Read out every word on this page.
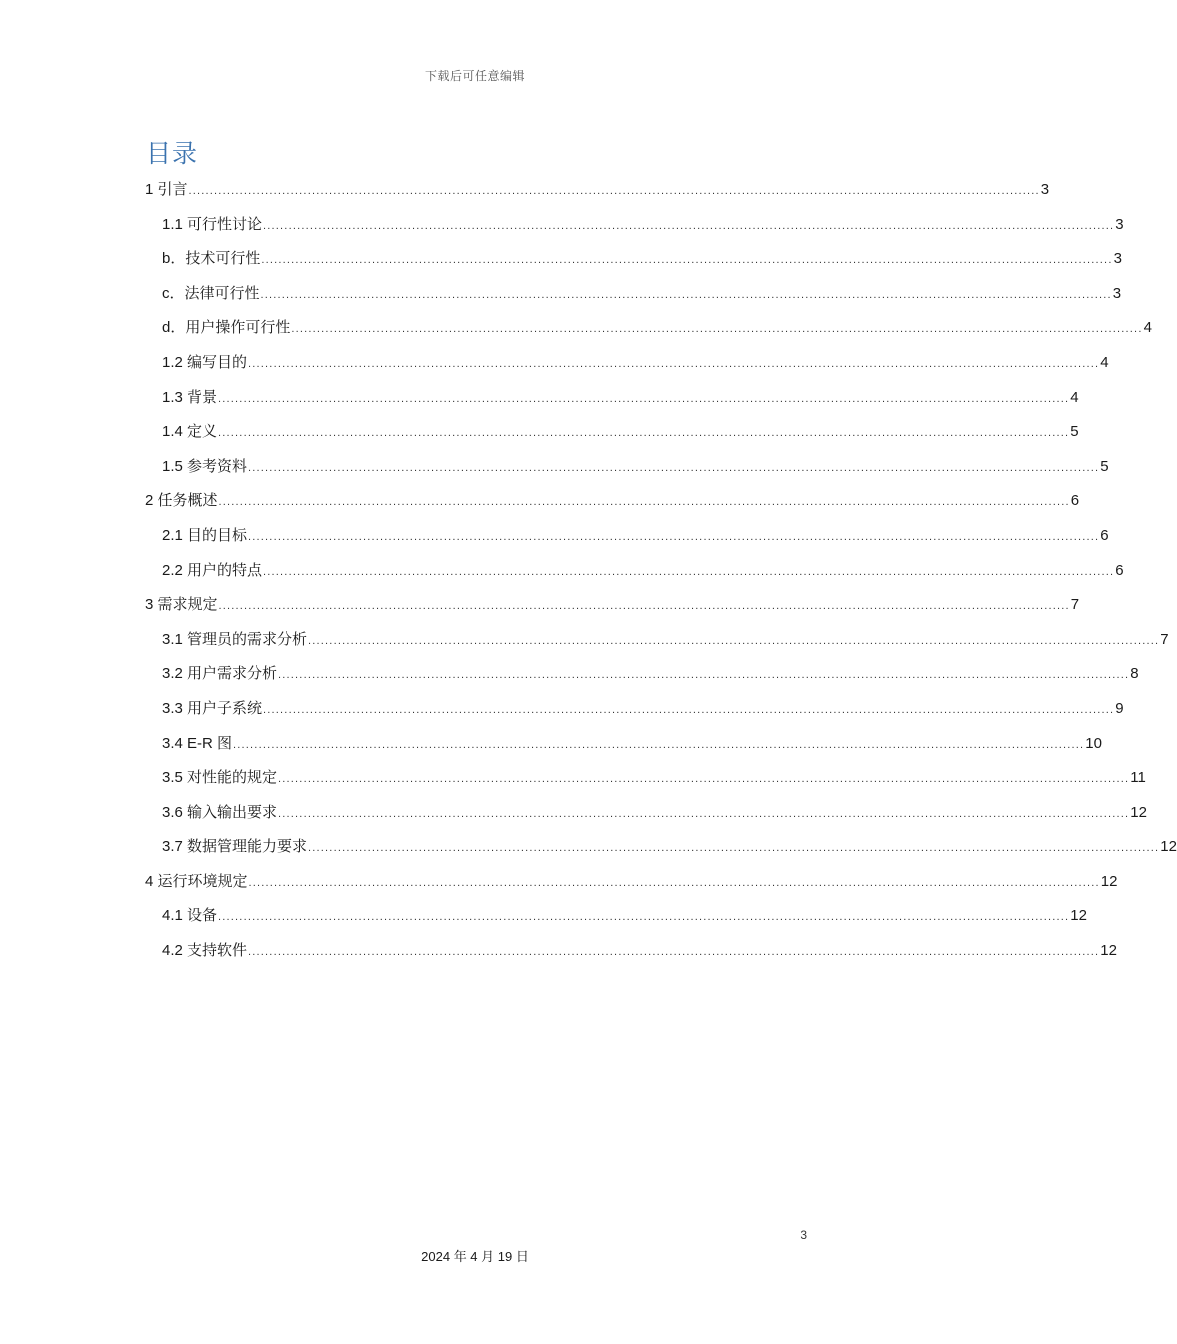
下载后可任意编辑
目录
1 引言 ........................................................................................................................................................................................................ 3
1.1 可行性讨论 ........................................................................................................................................................................................................ 3
b．技术可行性 ........................................................................................................................................................................................................ 3
c．法律可行性 ........................................................................................................................................................................................................ 3
d．用户操作可行性 ........................................................................................................................................................................................................ 4
1.2 编写目的 ........................................................................................................................................................................................................ 4
1.3 背景 ........................................................................................................................................................................................................ 4
1.4 定义 ........................................................................................................................................................................................................ 5
1.5 参考资料 ........................................................................................................................................................................................................ 5
2 任务概述 ........................................................................................................................................................................................................ 6
2.1 目的目标 ........................................................................................................................................................................................................ 6
2.2 用户的特点 ........................................................................................................................................................................................................ 6
3 需求规定 ........................................................................................................................................................................................................ 7
3.1 管理员的需求分析 ........................................................................................................................................................................................................ 7
3.2 用户需求分析 ........................................................................................................................................................................................................ 8
3.3 用户子系统 ........................................................................................................................................................................................................ 9
3.4 E-R 图 ........................................................................................................................................................................................................ 10
3.5 对性能的规定 ........................................................................................................................................................................................................ 11
3.6 输入输出要求 ........................................................................................................................................................................................................ 12
3.7 数据管理能力要求 ........................................................................................................................................................................................................ 12
4 运行环境规定 ........................................................................................................................................................................................................ 12
4.1 设备 ........................................................................................................................................................................................................ 12
4.2 支持软件 ........................................................................................................................................................................................................ 12
3
2024 年 4 月 19 日
